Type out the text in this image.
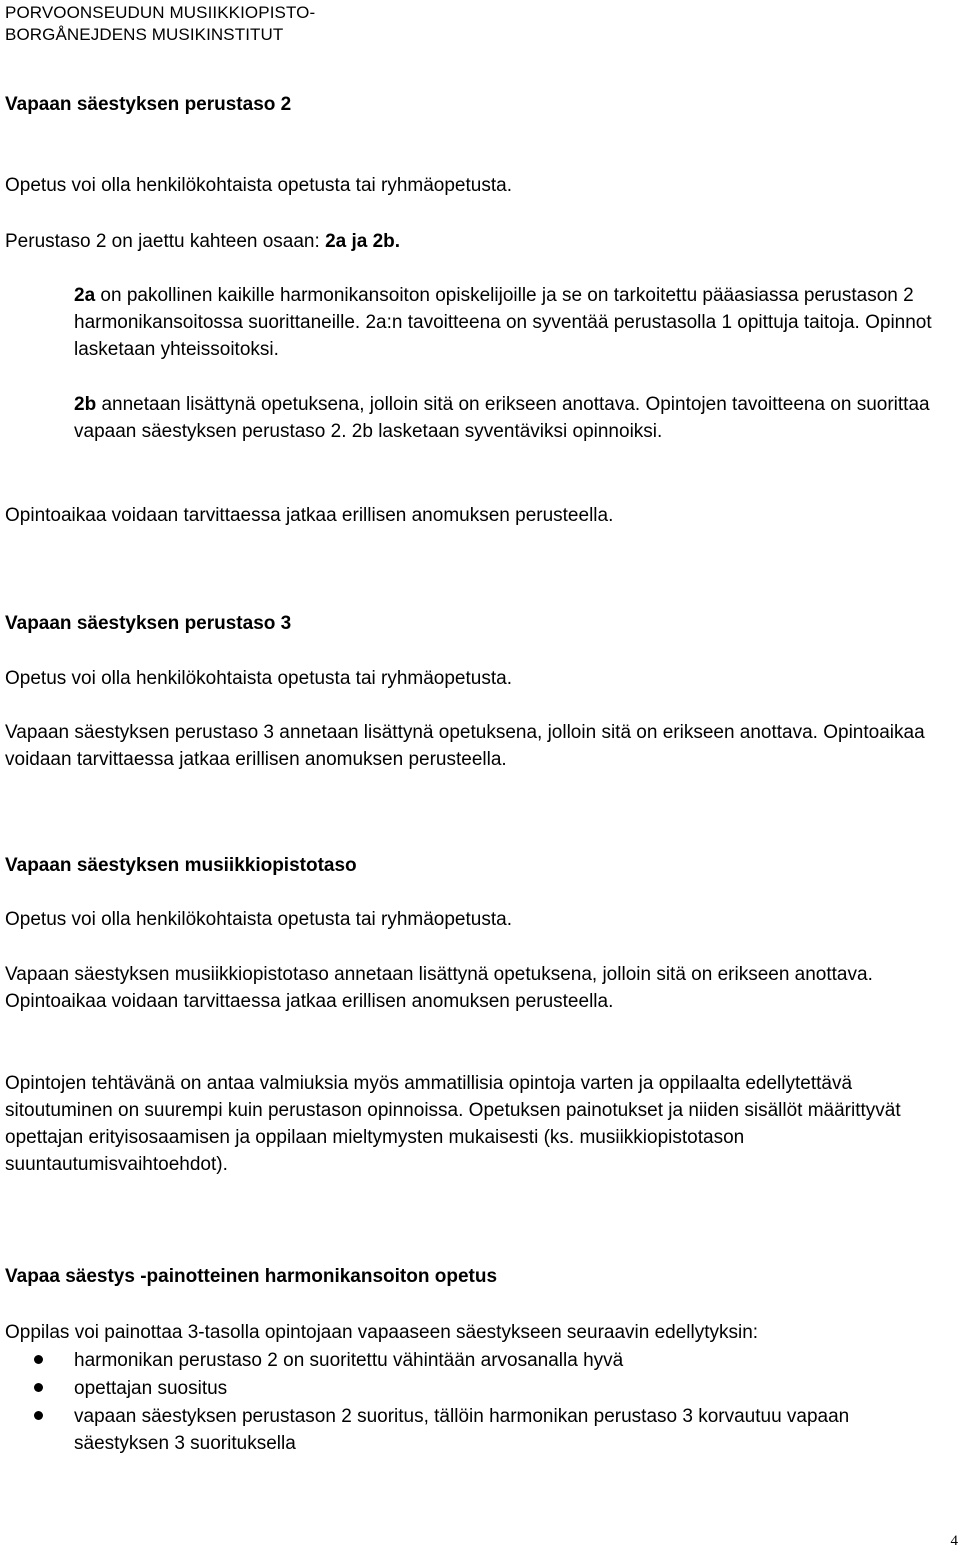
PORVOONSEUDUN MUSIIKKIOPISTO-
BORGÅNEJDENS MUSIKINSTITUT
Vapaan säestyksen perustaso 2
Opetus voi olla henkilökohtaista opetusta tai ryhmäopetusta.
Perustaso 2 on jaettu kahteen osaan: 2a ja 2b.
2a on pakollinen kaikille harmonikansoiton opiskelijoille ja se on tarkoitettu pääasiassa perustason 2 harmonikansoitossa suorittaneille. 2a:n tavoitteena on syventää perustasolla 1 opittuja taitoja. Opinnot lasketaan yhteissoitoksi.
2b annetaan lisättynä opetuksena, jolloin sitä on erikseen anottava. Opintojen tavoitteena on suorittaa vapaan säestyksen perustaso 2. 2b lasketaan syventäviksi opinnoiksi.
Opintoaikaa voidaan tarvittaessa jatkaa erillisen anomuksen perusteella.
Vapaan säestyksen perustaso 3
Opetus voi olla henkilökohtaista opetusta tai ryhmäopetusta.
Vapaan säestyksen perustaso 3 annetaan lisättynä opetuksena, jolloin sitä on erikseen anottava. Opintoaikaa voidaan tarvittaessa jatkaa erillisen anomuksen perusteella.
Vapaan säestyksen musiikkiopistotaso
Opetus voi olla henkilökohtaista opetusta tai ryhmäopetusta.
Vapaan säestyksen musiikkiopistotaso annetaan lisättynä opetuksena, jolloin sitä on erikseen anottava. Opintoaikaa voidaan tarvittaessa jatkaa erillisen anomuksen perusteella.
Opintojen tehtävänä on antaa valmiuksia myös ammatillisia opintoja varten ja oppilaalta edellytettävä sitoutuminen on suurempi kuin perustason opinnoissa. Opetuksen painotukset ja niiden sisällöt määrittyvät opettajan erityisosaamisen ja oppilaan mieltymysten mukaisesti (ks. musiikkiopistotason suuntautumisvaihtoehdot).
Vapaa säestys -painotteinen harmonikansoiton opetus
Oppilas voi painottaa 3-tasolla opintojaan vapaaseen säestykseen seuraavin edellytyksin:
harmonikan perustaso 2 on suoritettu vähintään arvosanalla hyvä
opettajan suositus
vapaan säestyksen perustason 2 suoritus, tällöin harmonikan perustaso 3 korvautuu vapaan säestyksen 3 suorituksella
4
